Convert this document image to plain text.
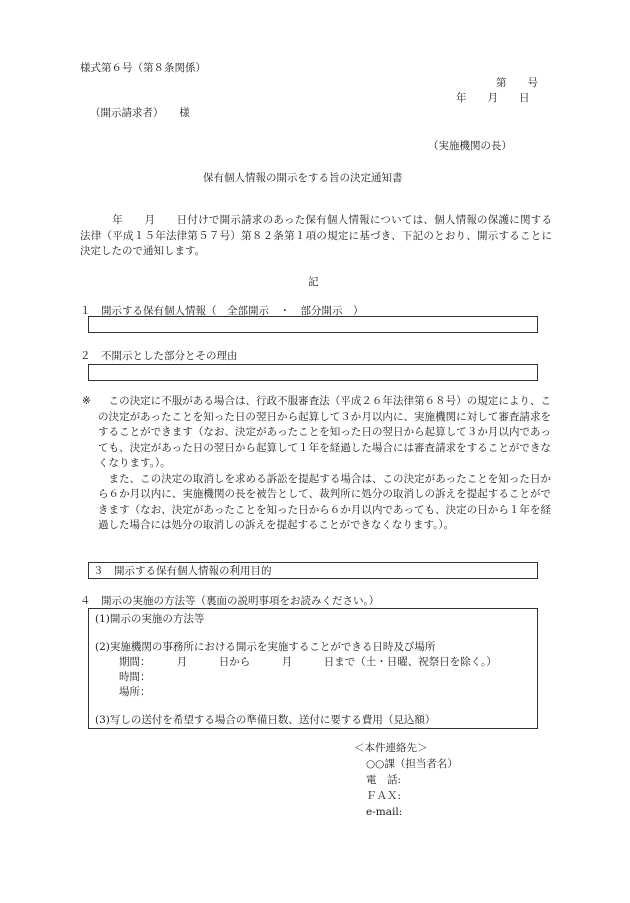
様式第６号（第８条関係）
第　　号
年　　月　　日
（開示請求者）　　様
（実施機関の長）
保有個人情報の開示をする旨の決定通知書
　　　年　　月　　日付けで開示請求のあった保有個人情報については、個人情報の保護に関する法律（平成１５年法律第５７号）第８２条第１項の規定に基づき、下記のとおり、開示することに決定したので通知します。
記
１　開示する保有個人情報（　全部開示　・　部分開示　）
２　不開示とした部分とその理由
※ 　この決定に不服がある場合は、行政不服審査法（平成２６年法律第６８号）の規定により、この決定があったことを知った日の翌日から起算して３か月以内に、実施機関に対して審査請求をすることができます（なお、決定があったことを知った日の翌日から起算して３か月以内であっても、決定があった日の翌日から起算して１年を経過した場合には審査請求をすることができなくなります。）。
　また、この決定の取消しを求める訴訟を提起する場合は、この決定があったことを知った日から６か月以内に、実施機関の長を被告として、裁判所に処分の取消しの訴えを提起することができます（なお、決定があったことを知った日から６か月以内であっても、決定の日から１年を経過した場合には処分の取消しの訴えを提起することができなくなります。）。
３　開示する保有個人情報の利用目的
４　開示の実施の方法等（裏面の説明事項をお読みください。）
(1)開示の実施の方法等
(2)実施機関の事務所における開示を実施することができる日時及び場所
期間：　　　月　　　日から　　　月　　　日まで（土・日曜、祝祭日を除く。）
時間：
場所：
(3)写しの送付を希望する場合の準備日数、送付に要する費用（見込額）
＜本件連絡先＞
○○課（担当者名）
電　話:
ＦＡＸ:
e-mail:
